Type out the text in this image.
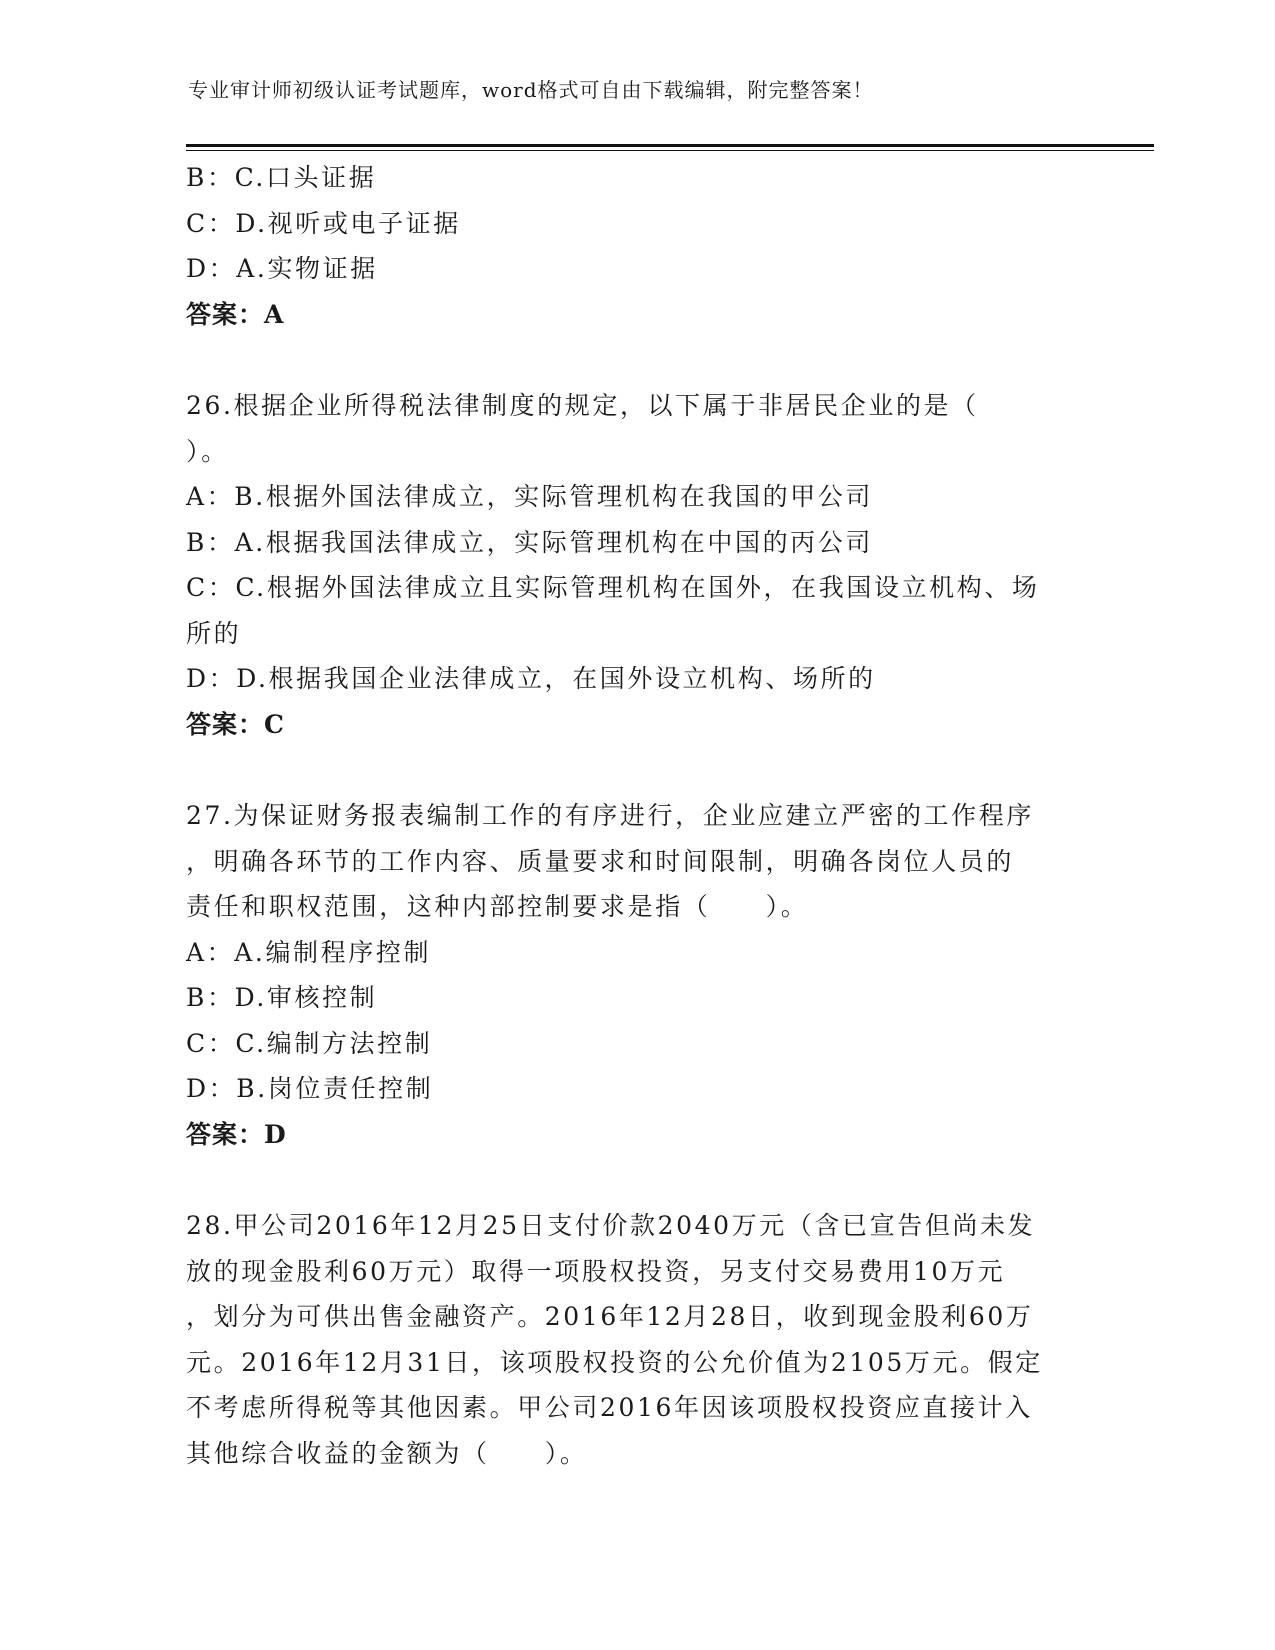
专业审计师初级认证考试题库，word格式可自由下载编辑，附完整答案！
B：C.口头证据
C：D.视听或电子证据
D：A.实物证据
答案：A
26.根据企业所得税法律制度的规定，以下属于非居民企业的是（
）。
A：B.根据外国法律成立，实际管理机构在我国的甲公司
B：A.根据我国法律成立，实际管理机构在中国的丙公司
C：C.根据外国法律成立且实际管理机构在国外，在我国设立机构、场
所的
D：D.根据我国企业法律成立，在国外设立机构、场所的
答案：C
27.为保证财务报表编制工作的有序进行，企业应建立严密的工作程序
，明确各环节的工作内容、质量要求和时间限制，明确各岗位人员的
责任和职权范围，这种内部控制要求是指（　　）。
A：A.编制程序控制
B：D.审核控制
C：C.编制方法控制
D：B.岗位责任控制
答案：D
28.甲公司2016年12月25日支付价款2040万元（含已宣告但尚未发
放的现金股利60万元）取得一项股权投资，另支付交易费用10万元
，划分为可供出售金融资产。2016年12月28日，收到现金股利60万
元。2016年12月31日，该项股权投资的公允价值为2105万元。假定
不考虑所得税等其他因素。甲公司2016年因该项股权投资应直接计入
其他综合收益的金额为（　　）。
